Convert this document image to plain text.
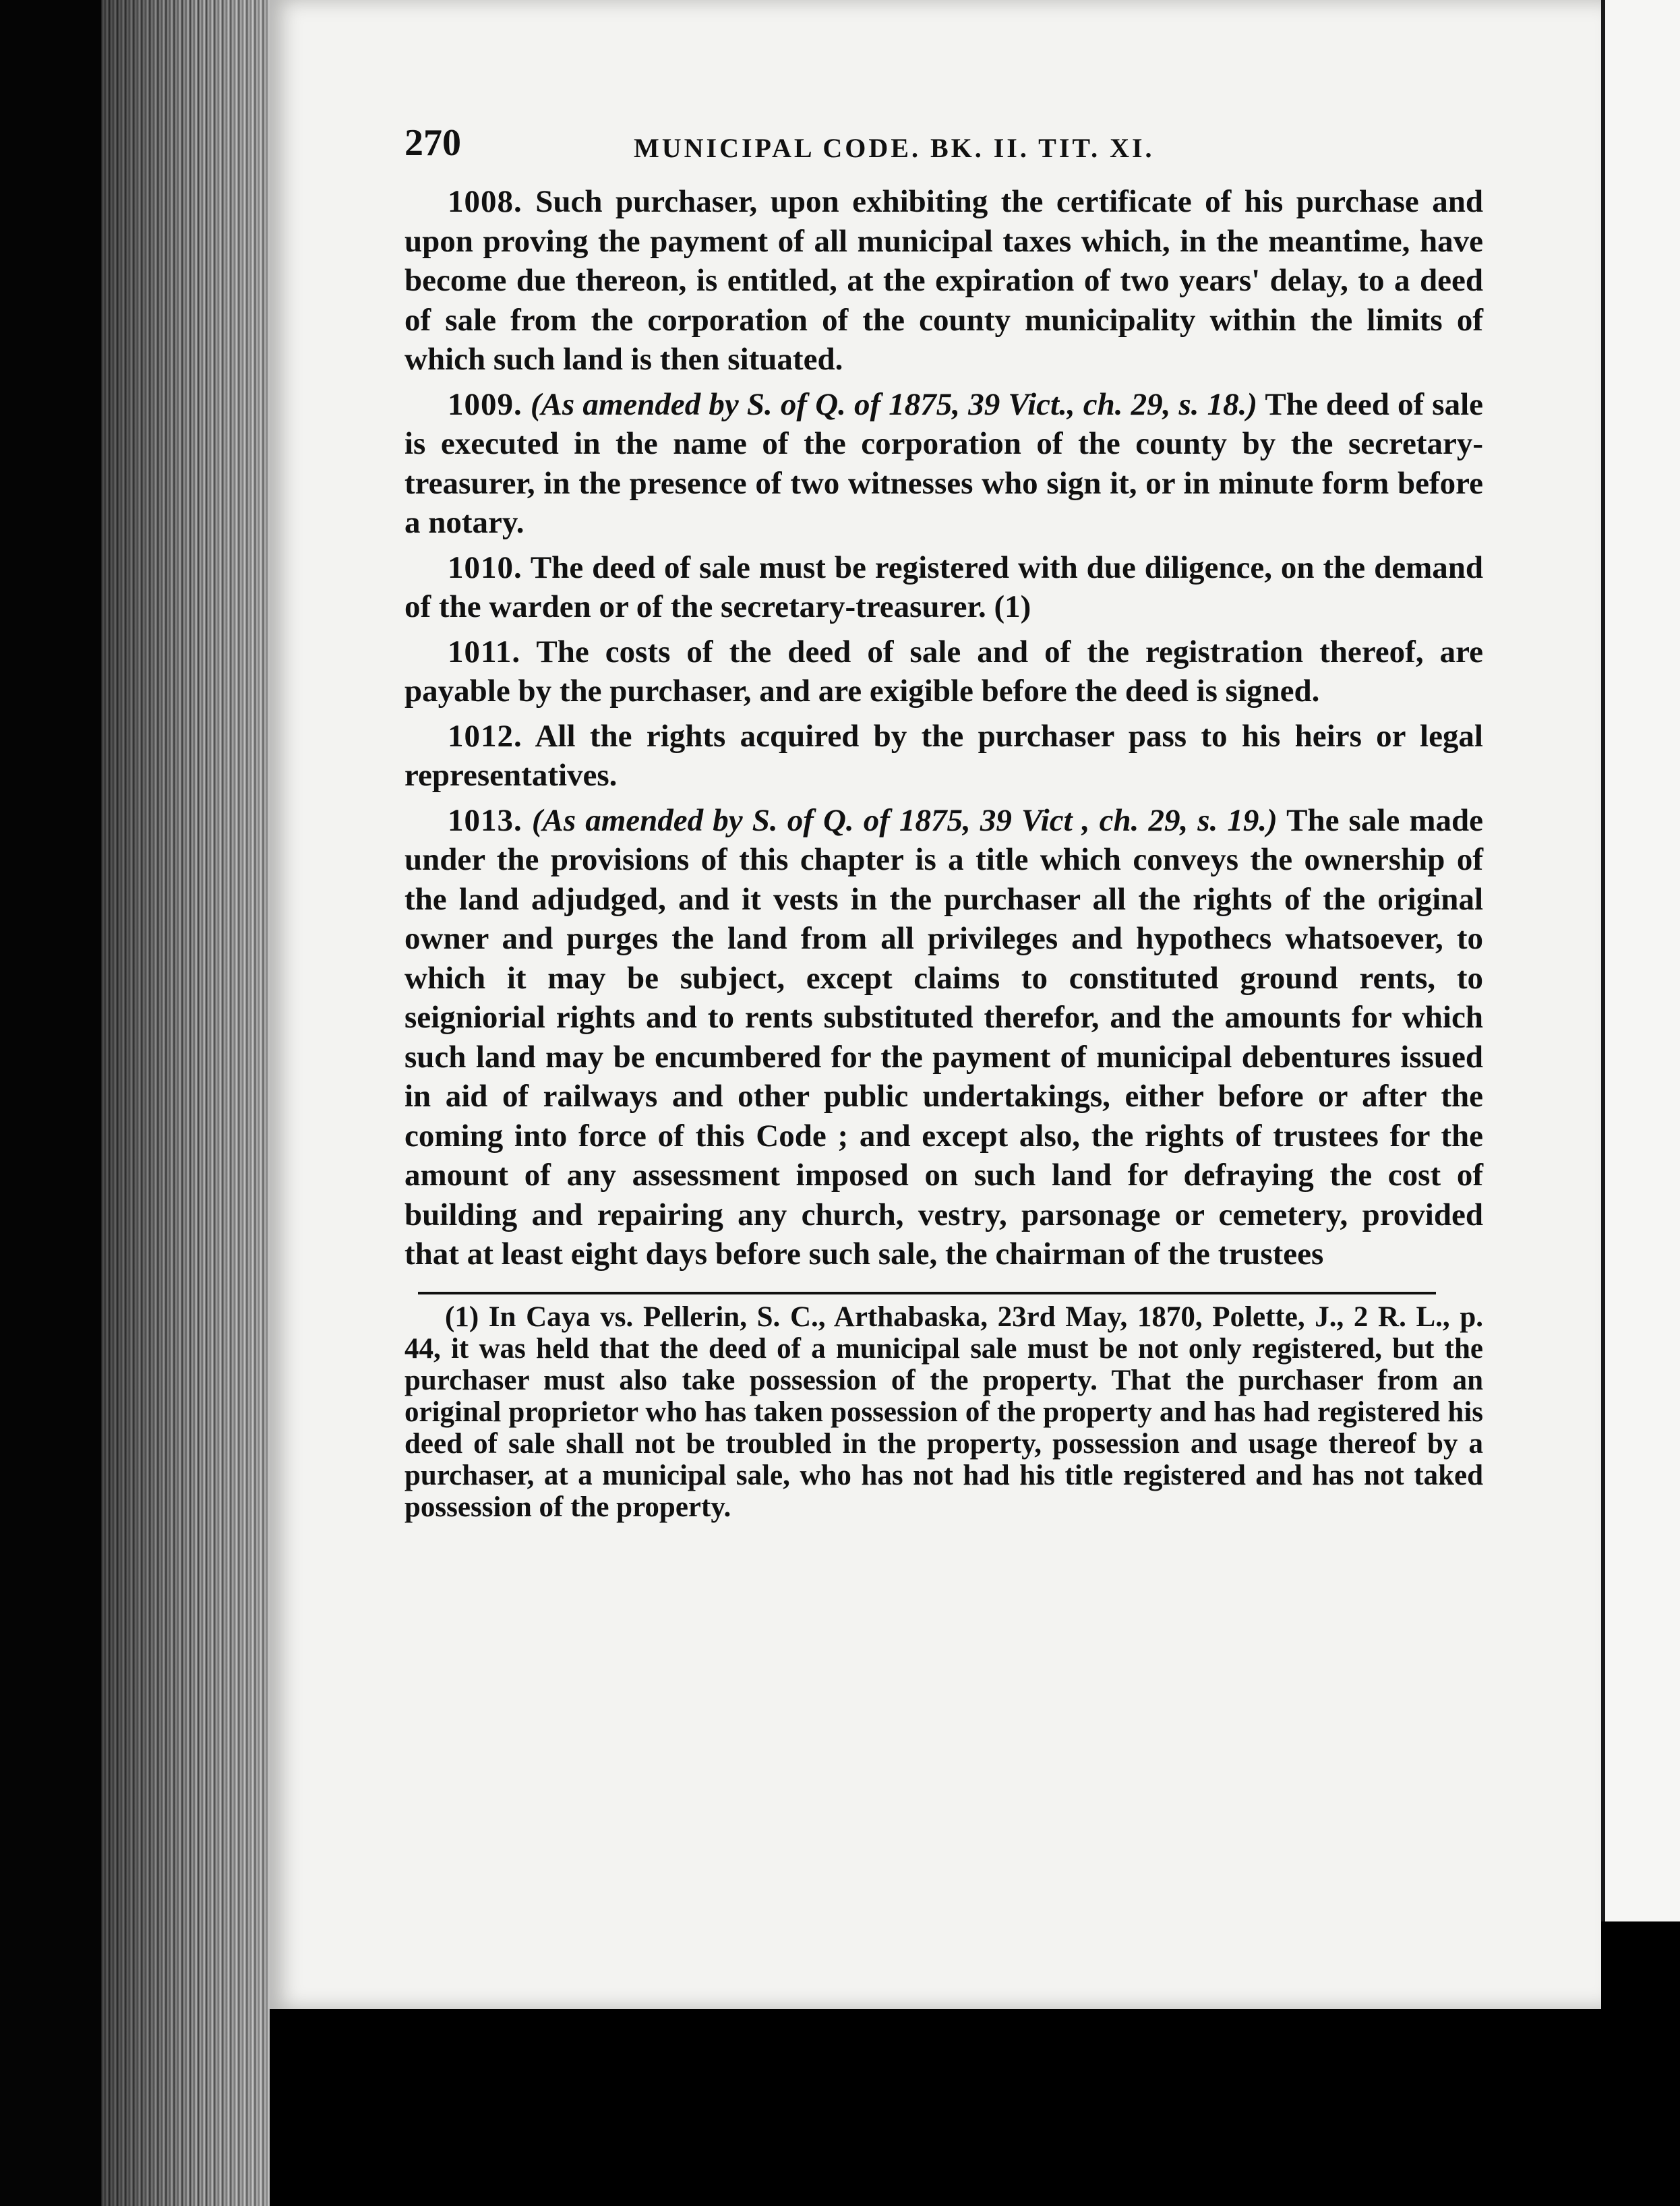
270	MUNICIPAL CODE. BK. II. TIT. XI.

1008. Such purchaser, upon exhibiting the certificate of his purchase and upon proving the payment of all municipal taxes which, in the meantime, have become due thereon, is entitled, at the expiration of two years' delay, to a deed of sale from the corporation of the county municipality within the limits of which such land is then situated.

1009. (As amended by S. of Q. of 1875, 39 Vict., ch. 29, s. 18.) The deed of sale is executed in the name of the corporation of the county by the secretary-treasurer, in the presence of two witnesses who sign it, or in minute form before a notary.

1010. The deed of sale must be registered with due diligence, on the demand of the warden or of the secretary-treasurer. (1)

1011. The costs of the deed of sale and of the registration thereof, are payable by the purchaser, and are exigible before the deed is signed.

1012. All the rights acquired by the purchaser pass to his heirs or legal representatives.

1013. (As amended by S. of Q. of 1875, 39 Vict , ch. 29, s. 19.) The sale made under the provisions of this chapter is a title which conveys the ownership of the land adjudged, and it vests in the purchaser all the rights of the original owner and purges the land from all privileges and hypothecs whatsoever, to which it may be subject, except claims to constituted ground rents, to seigniorial rights and to rents substituted therefor, and the amounts for which such land may be encumbered for the payment of municipal debentures issued in aid of railways and other public undertakings, either before or after the coming into force of this Code ; and except also, the rights of trustees for the amount of any assessment imposed on such land for defraying the cost of building and repairing any church, vestry, parsonage or cemetery, provided that at least eight days before such sale, the chairman of the trustees

(1) In Caya vs. Pellerin, S. C., Arthabaska, 23rd May, 1870, Polette, J., 2 R. L., p. 44, it was held that the deed of a municipal sale must be not only registered, but the purchaser must also take possession of the property. That the purchaser from an original proprietor who has taken possession of the property and has had registered his deed of sale shall not be troubled in the property, possession and usage thereof by a purchaser, at a municipal sale, who has not had his title registered and has not taked possession of the property.
